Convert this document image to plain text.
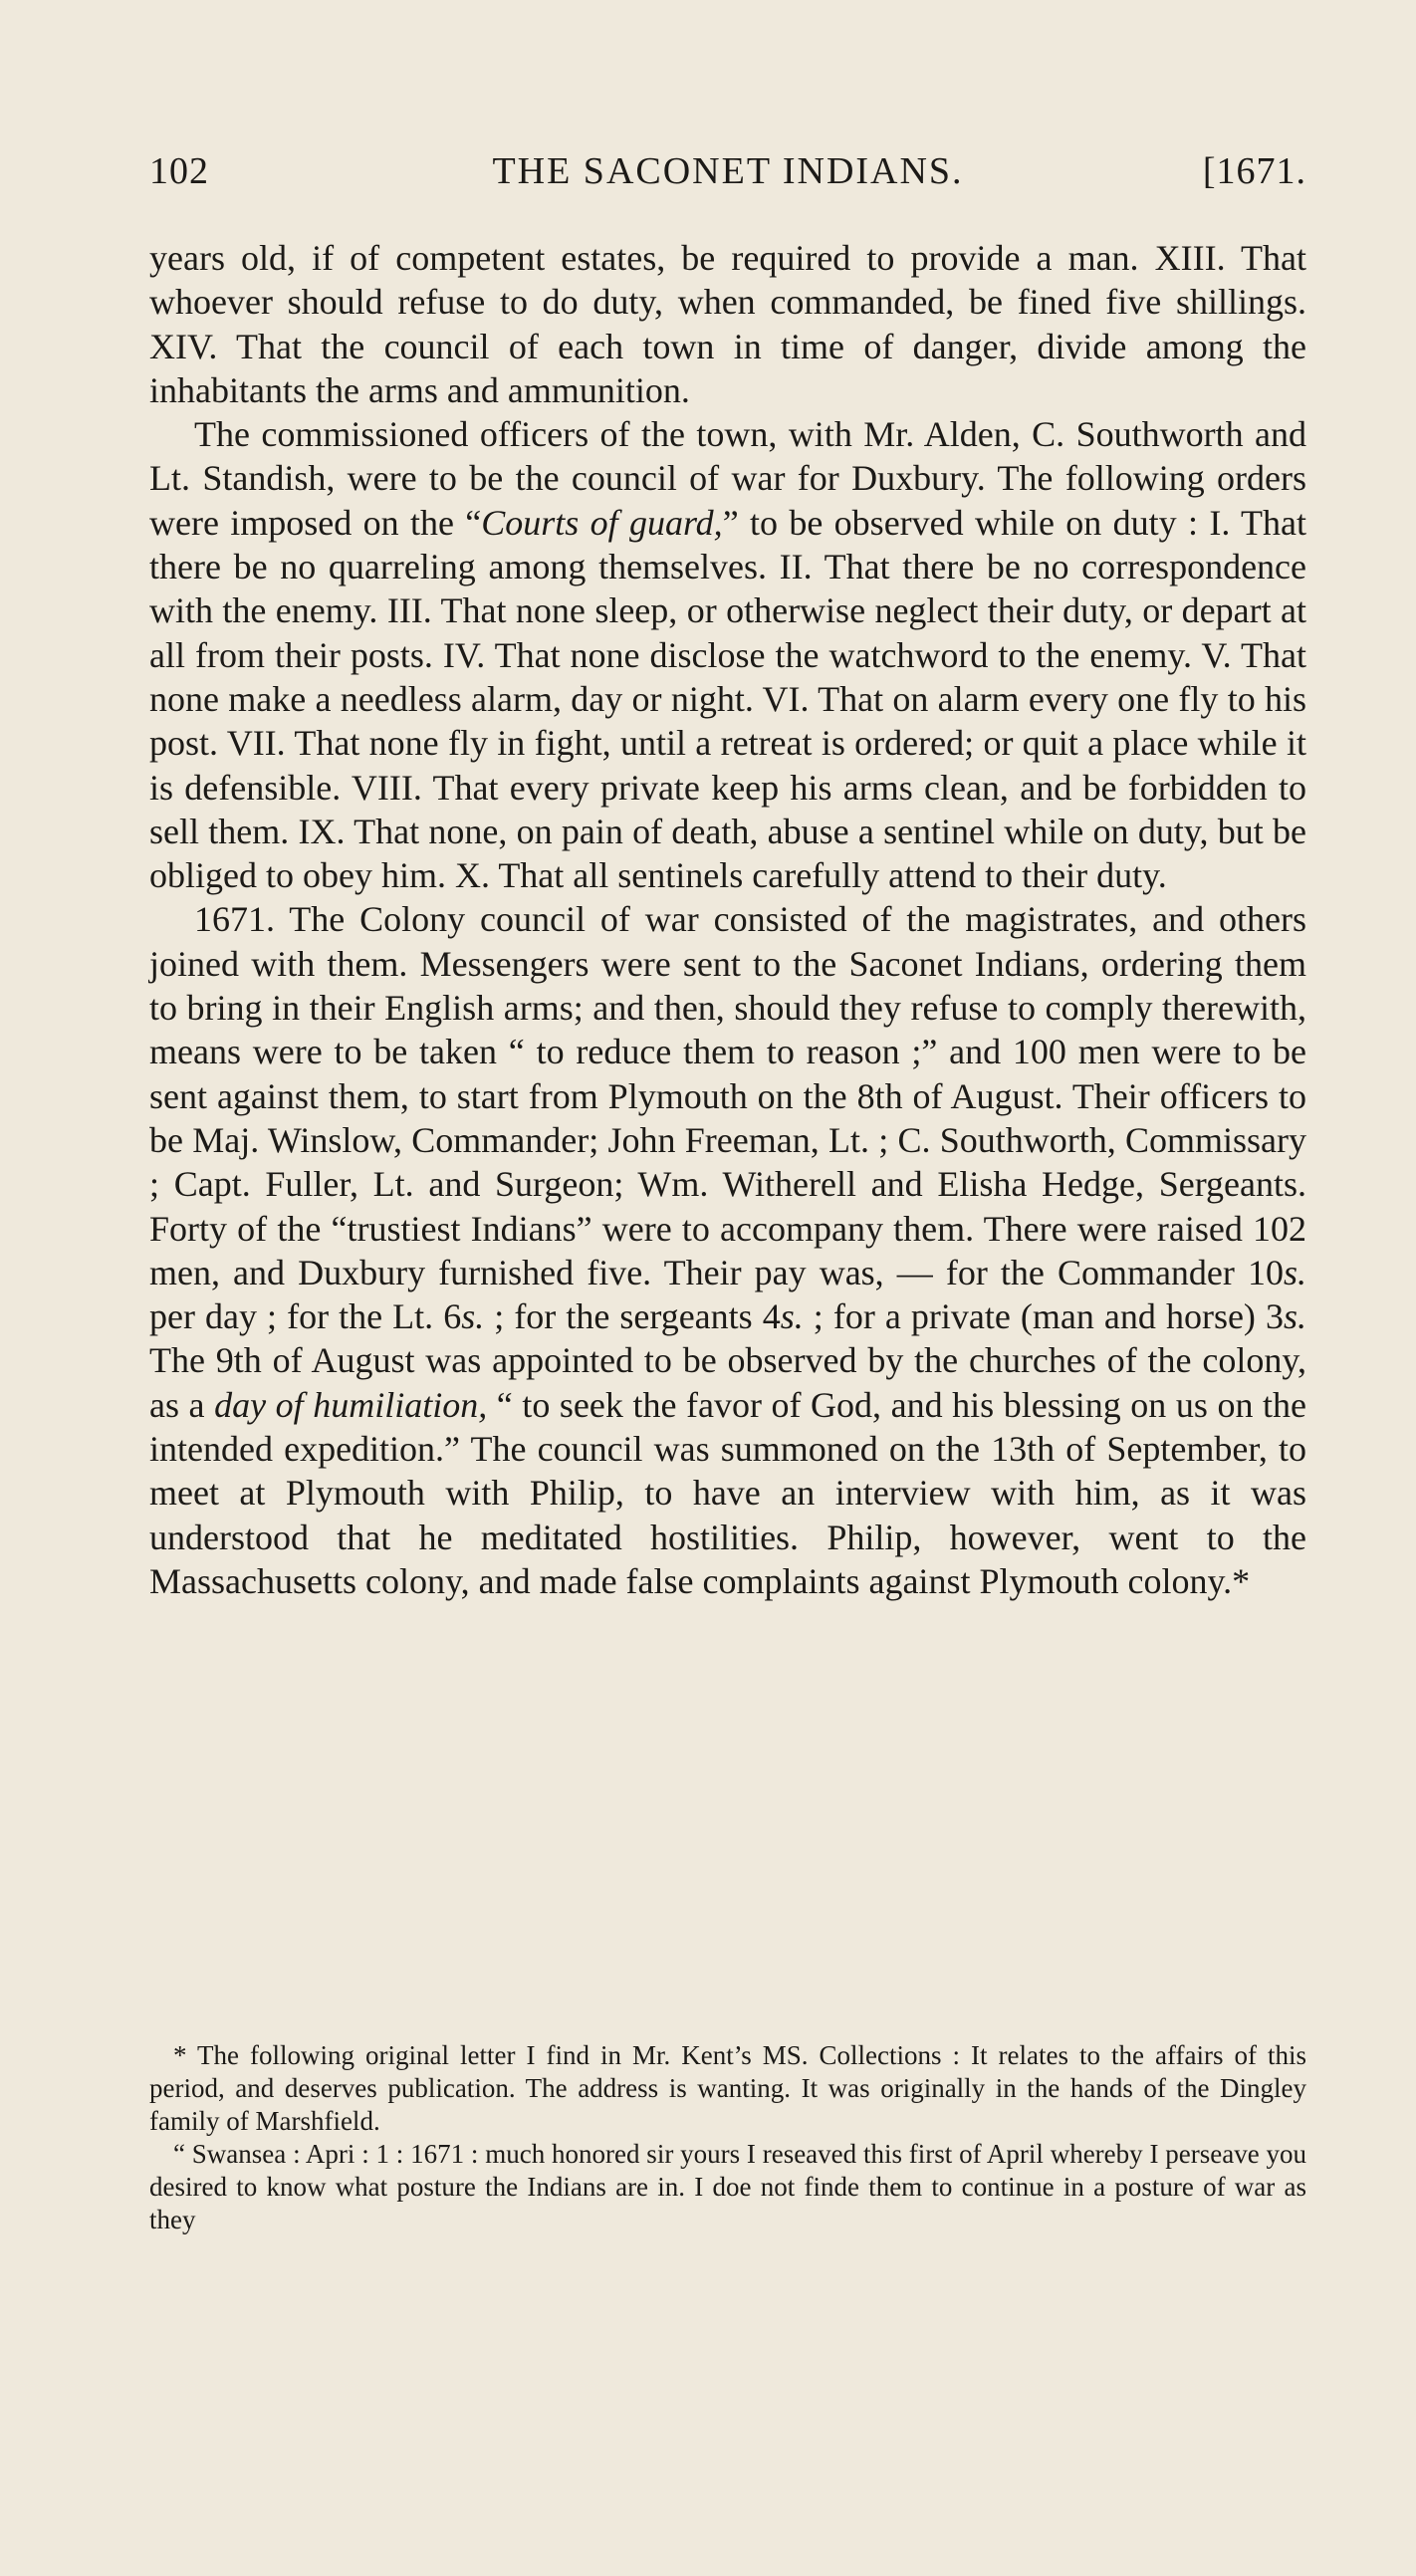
102	THE SACONET INDIANS.	[1671.

years old, if of competent estates, be required to provide a man. XIII. That whoever should refuse to do duty, when commanded, be fined five shillings. XIV. That the council of each town in time of danger, divide among the inhabitants the arms and ammunition.

The commissioned officers of the town, with Mr. Alden, C. Southworth and Lt. Standish, were to be the council of war for Duxbury. The following orders were imposed on the “Courts of guard,” to be observed while on duty : I. That there be no quarreling among themselves. II. That there be no correspondence with the enemy. III. That none sleep, or otherwise neglect their duty, or depart at all from their posts. IV. That none disclose the watchword to the enemy. V. That none make a needless alarm, day or night. VI. That on alarm every one fly to his post. VII. That none fly in fight, until a retreat is ordered; or quit a place while it is defensible. VIII. That every private keep his arms clean, and be forbidden to sell them. IX. That none, on pain of death, abuse a sentinel while on duty, but be obliged to obey him. X. That all sentinels carefully attend to their duty.

1671. The Colony council of war consisted of the magistrates, and others joined with them. Messengers were sent to the Saconet Indians, ordering them to bring in their English arms; and then, should they refuse to comply therewith, means were to be taken “ to reduce them to reason ;” and 100 men were to be sent against them, to start from Plymouth on the 8th of August. Their officers to be Maj. Winslow, Commander; John Freeman, Lt. ; C. Southworth, Commissary ; Capt. Fuller, Lt. and Surgeon; Wm. Witherell and Elisha Hedge, Sergeants. Forty of the “trustiest Indians” were to accompany them. There were raised 102 men, and Duxbury furnished five. Their pay was, — for the Commander 10s. per day ; for the Lt. 6s. ; for the sergeants 4s. ; for a private (man and horse) 3s. The 9th of August was appointed to be observed by the churches of the colony, as a day of humiliation, “ to seek the favor of God, and his blessing on us on the intended expedition.” The council was summoned on the 13th of September, to meet at Plymouth with Philip, to have an interview with him, as it was understood that he meditated hostilities. Philip, however, went to the Massachusetts colony, and made false complaints against Plymouth colony.*

* The following original letter I find in Mr. Kent’s MS. Collections : It relates to the affairs of this period, and deserves publication. The address is wanting. It was originally in the hands of the Dingley family of Marshfield.

“ Swansea : Apri : 1 : 1671 : much honored sir yours I reseaved this first of April whereby I perseave you desired to know what posture the Indians are in. I doe not finde them to continue in a posture of war as they
